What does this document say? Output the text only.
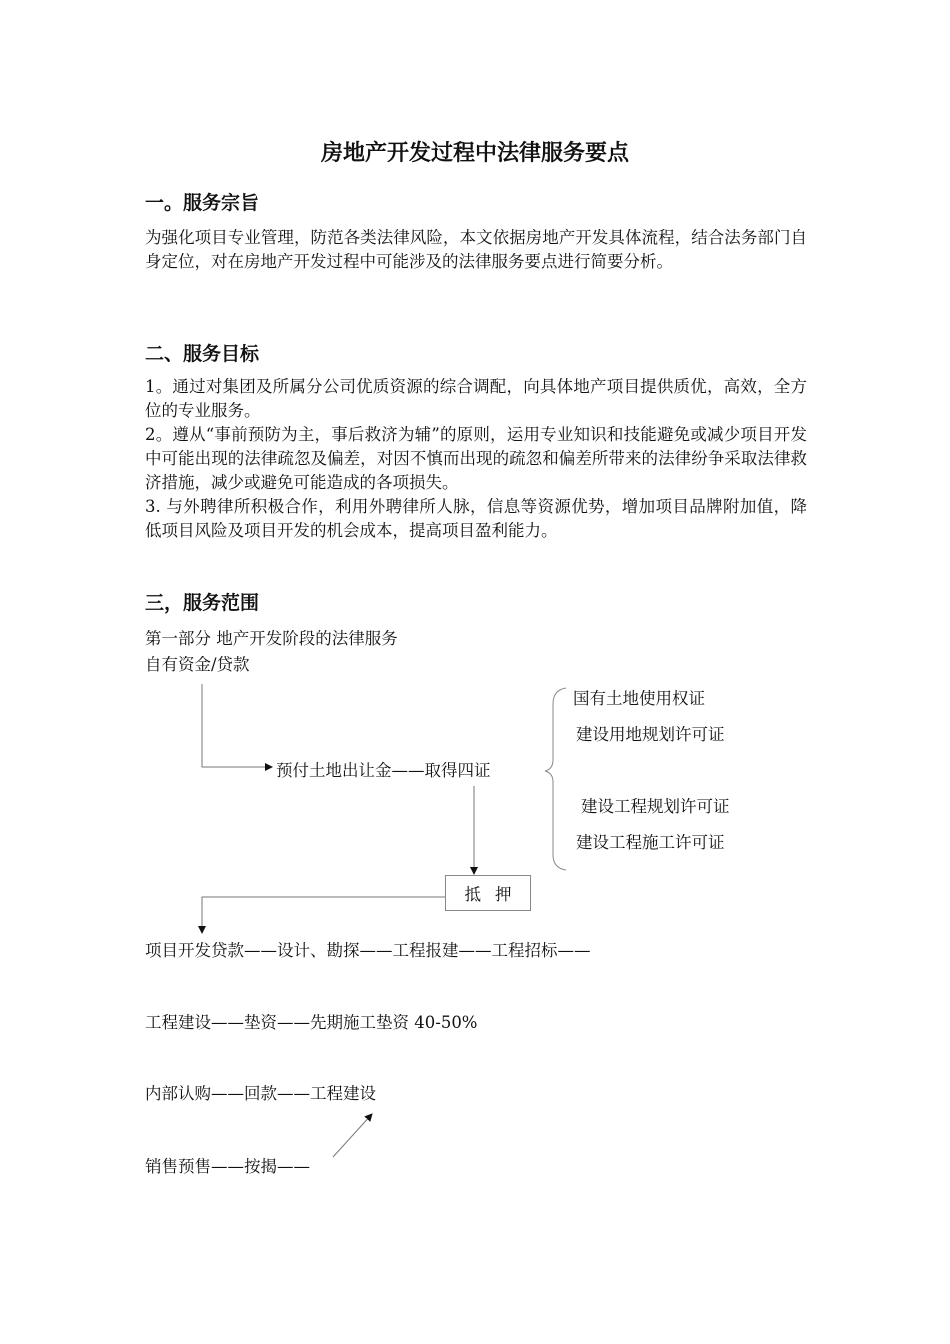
房地产开发过程中法律服务要点
一。服务宗旨
为强化项目专业管理，防范各类法律风险，本文依据房地产开发具体流程，结合法务部门自身定位，对在房地产开发过程中可能涉及的法律服务要点进行简要分析。
二、服务目标

1。通过对集团及所属分公司优质资源的综合调配，向具体地产项目提供质优，高效，全方位的专业服务。

2。遵从“事前预防为主，事后救济为辅”的原则，运用专业知识和技能避免或减少项目开发中可能出现的法律疏忽及偏差，对因不慎而出现的疏忽和偏差所带来的法律纷争采取法律救济措施，减少或避免可能造成的各项损失。

3. 与外聘律所积极合作，利用外聘律所人脉，信息等资源优势，增加项目品牌附加值，降低项目风险及项目开发的机会成本，提高项目盈利能力。

三，服务范围
第一部分 地产开发阶段的法律服务
自有资金/贷款
预付土地出让金——取得四证
国有土地使用权证
建设用地规划许可证
建设工程规划许可证
建设工程施工许可证
抵押
项目开发贷款——设计、勘探——工程报建——工程招标——
工程建设——垫资——先期施工垫资 40-50%
内部认购——回款——工程建设
销售预售——按揭——
